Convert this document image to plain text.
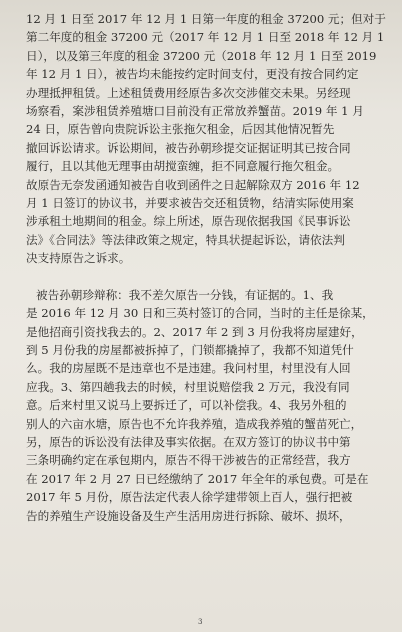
12 月 1 日至 2017 年 12 月 1 日第一年度的租金 37200 元；但对于
第二年度的租金 37200 元（2017 年 12 月 1 日至 2018 年 12 月 1
日），以及第三年度的租金 37200 元（2018 年 12 月 1 日至 2019
年 12 月 1 日），被告均未能按约定时间支付，更没有按合同约定
办理抵押租赁。上述租赁费用经原告多次交涉催交未果。另经现
场察看，案涉租赁养殖塘口目前没有正常放养蟹苗。2019 年 1 月
24 日，原告曾向贵院诉讼主张拖欠租金，后因其他情况暂先
撤回诉讼请求。诉讼期间，被告孙朝珍提交证据证明其已按合同
履行，且以其他无理事由胡搅蛮缠，拒不同意履行拖欠租金。
故原告无奈发函通知被告自收到函件之日起解除双方 2016 年 12
月 1 日签订的协议书，并要求被告交还租赁物，结清实际使用案
涉承租土地期间的租金。综上所述，原告现依据我国《民事诉讼
法》《合同法》等法律政策之规定，特具状提起诉讼，请依法判
决支持原告之诉求。
被告孙朝珍辩称：我不差欠原告一分钱，有证据的。1、我
是 2016 年 12 月 30 日和三英村签订的合同，当时的主任是徐某，
是他招商引资找我去的。2、2017 年 2 到 3 月份我将房屋建好，
到 5 月份我的房屋都被拆掉了，门锁都撬掉了，我都不知道凭什
么。我的房屋既不是违章也不是违建。我问村里，村里没有人回
应我。3、第四趟我去的时候，村里说赔偿我 2 万元，我没有同
意。后来村里又说马上要拆迁了，可以补偿我。4、我另外租的
别人的六亩水塘，原告也不允许我养殖，造成我养殖的蟹苗死亡，
另，原告的诉讼没有法律及事实依据。在双方签订的协议书中第
三条明确约定在承包期内，原告不得干涉被告的正常经营，我方
在 2017 年 2 月 27 日已经缴纳了 2017 年全年的承包费。可是在
2017 年 5 月份，原告法定代表人徐学建带领上百人，强行把被
告的养殖生产设施设备及生产生活用房进行拆除、破坏、损坏，
3
